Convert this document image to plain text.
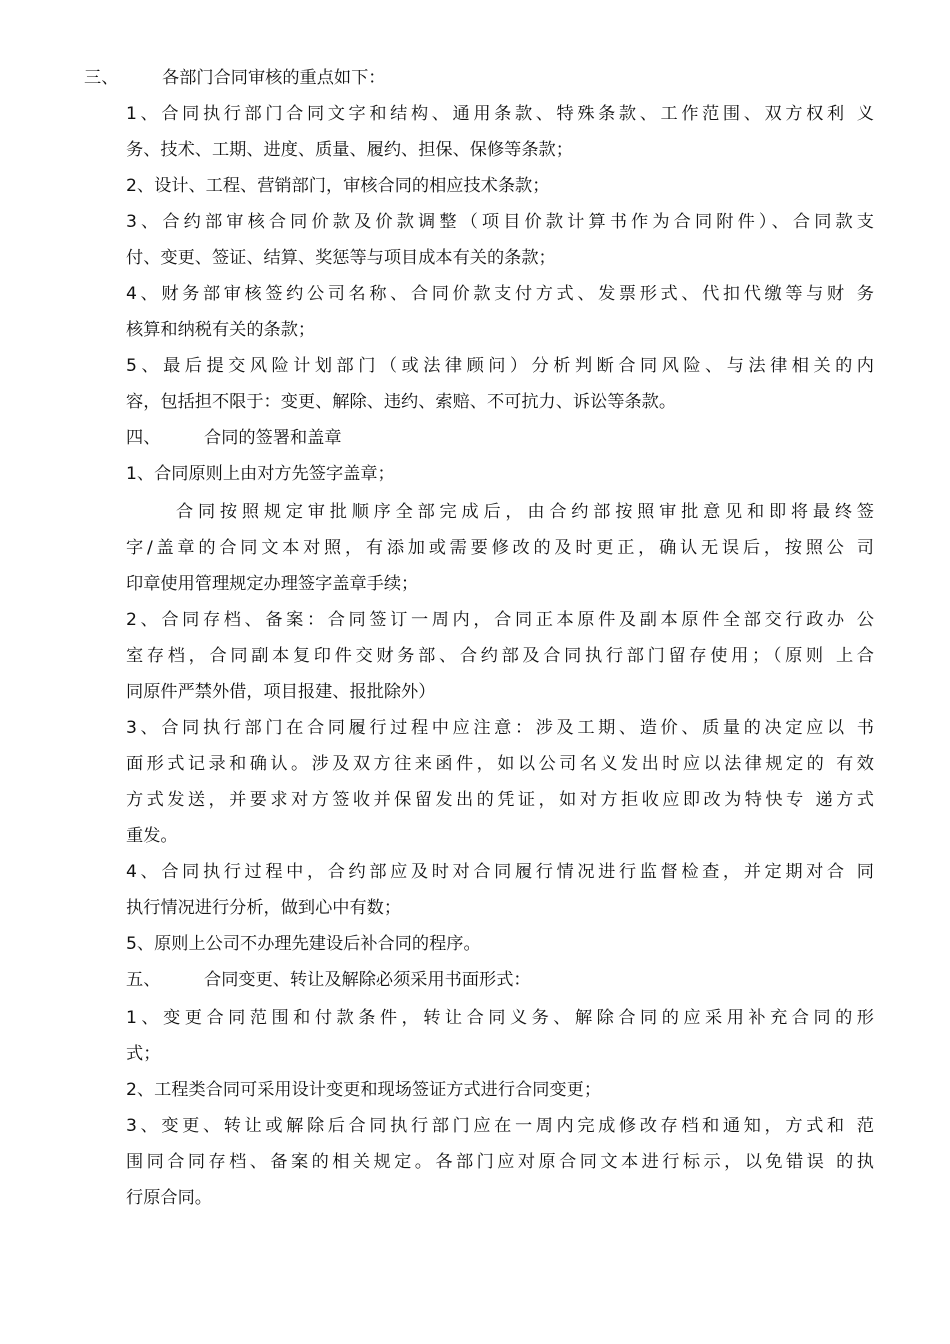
三、	各部门合同审核的重点如下：
1、合同执行部门合同文字和结构、通用条款、特殊条款、工作范围、双方权利 义
务、技术、工期、进度、质量、履约、担保、保修等条款；
2、设计、工程、营销部门，审核合同的相应技术条款；
3、合约部审核合同价款及价款调整（项目价款计算书作为合同附件）、合同款支
付、变更、签证、结算、奖惩等与项目成本有关的条款；
4、财务部审核签约公司名称、合同价款支付方式、发票形式、代扣代缴等与财 务
核算和纳税有关的条款；
5、最后提交风险计划部门（或法律顾问）分析判断合同风险、与法律相关的内
容，包括担不限于：变更、解除、违约、索赔、不可抗力、诉讼等条款。
四、	合同的签署和盖章
1、合同原则上由对方先签字盖章；
合同按照规定审批顺序全部完成后，由合约部按照审批意见和即将最终签
字/盖章的合同文本对照，有添加或需要修改的及时更正，确认无误后，按照公 司
印章使用管理规定办理签字盖章手续；
2、合同存档、备案：合同签订一周内，合同正本原件及副本原件全部交行政办 公
室存档，合同副本复印件交财务部、合约部及合同执行部门留存使用；（原则 上合
同原件严禁外借，项目报建、报批除外）
3、合同执行部门在合同履行过程中应注意：涉及工期、造价、质量的决定应以 书
面形式记录和确认。涉及双方往来函件，如以公司名义发出时应以法律规定的 有效
方式发送，并要求对方签收并保留发出的凭证，如对方拒收应即改为特快专 递方式
重发。
4、合同执行过程中，合约部应及时对合同履行情况进行监督检查，并定期对合 同
执行情况进行分析，做到心中有数；
5、原则上公司不办理先建设后补合同的程序。
五、	合同变更、转让及解除必须采用书面形式：
1、变更合同范围和付款条件，转让合同义务、解除合同的应采用补充合同的形
式；
2、工程类合同可采用设计变更和现场签证方式进行合同变更；
3、变更、转让或解除后合同执行部门应在一周内完成修改存档和通知，方式和 范
围同合同存档、备案的相关规定。各部门应对原合同文本进行标示，以免错误 的执
行原合同。
